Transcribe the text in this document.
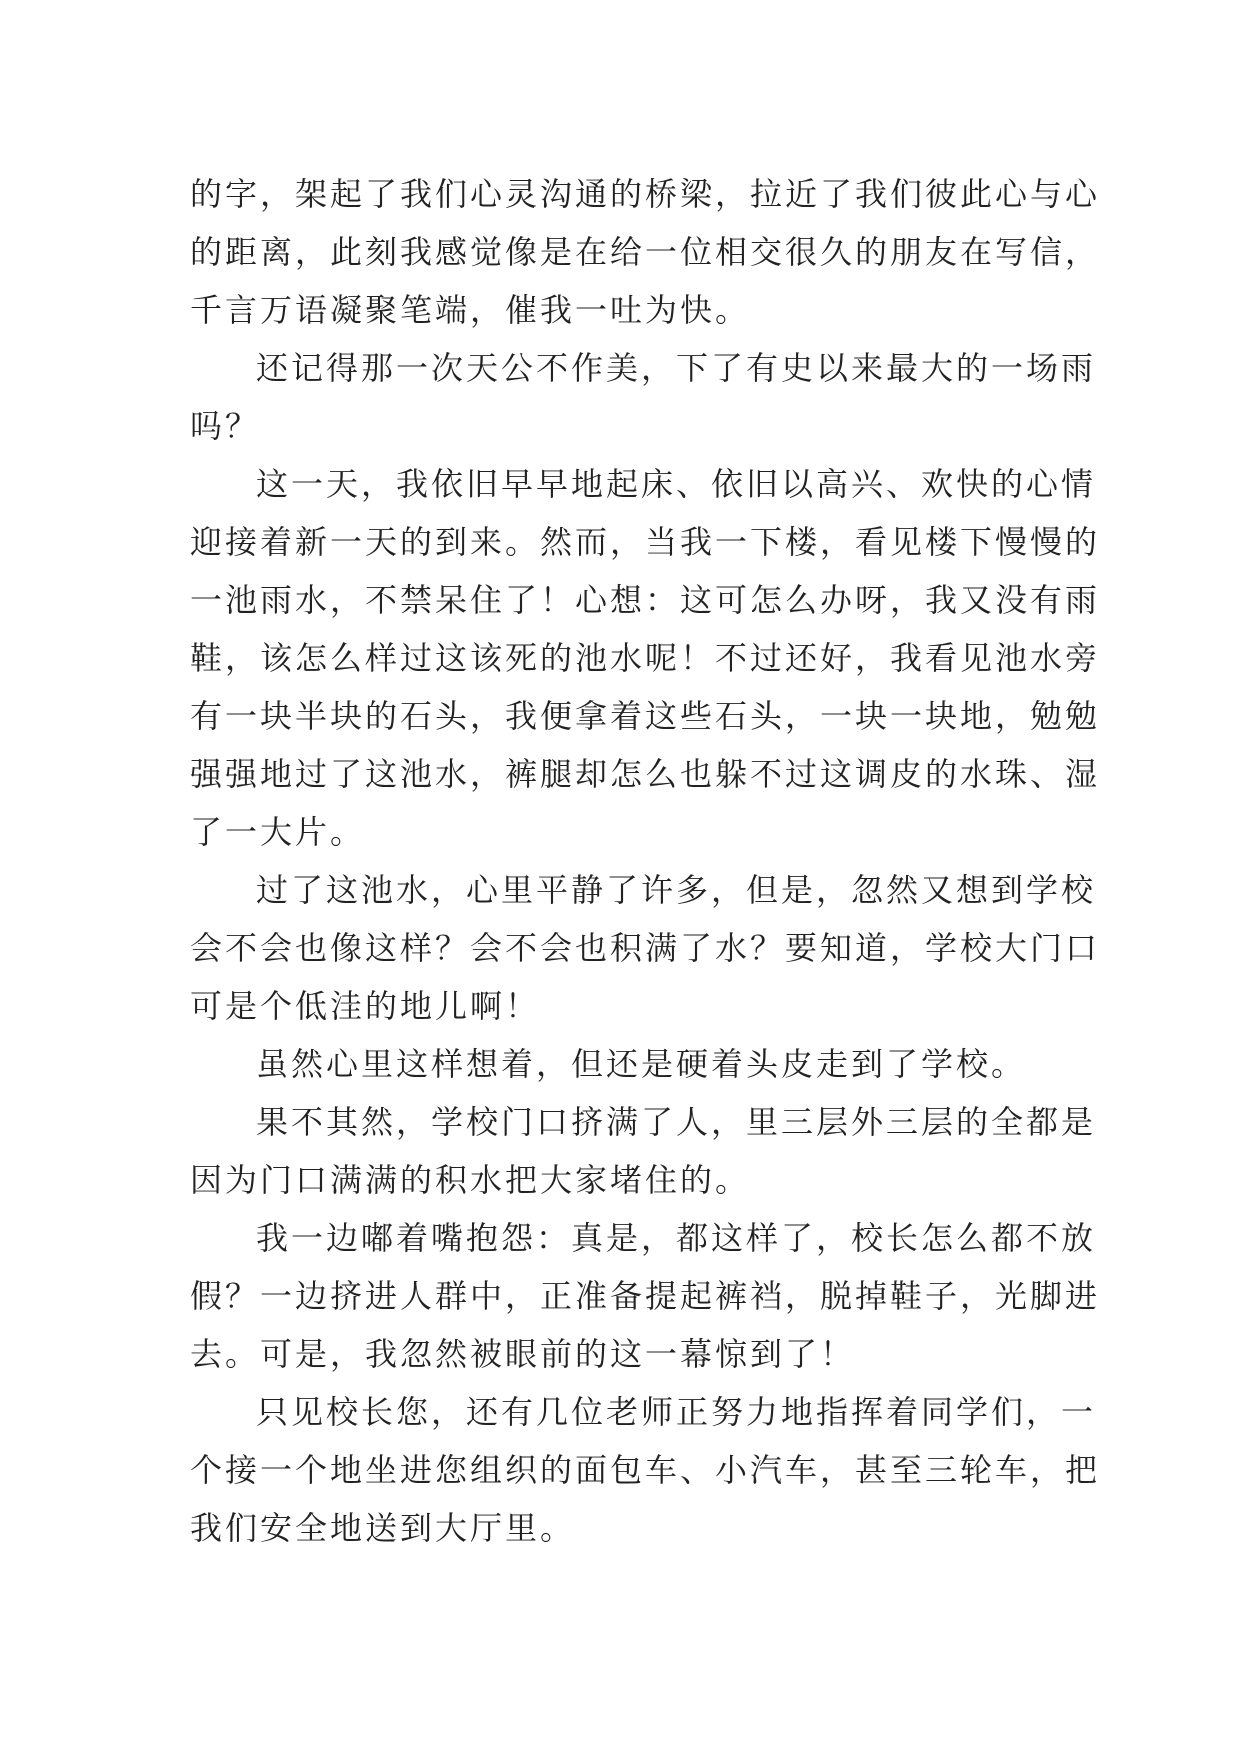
的字，架起了我们心灵沟通的桥梁，拉近了我们彼此心与心
的距离，此刻我感觉像是在给一位相交很久的朋友在写信，
千言万语凝聚笔端，催我一吐为快。
还记得那一次天公不作美，下了有史以来最大的一场雨
吗？
这一天，我依旧早早地起床、依旧以高兴、欢快的心情
迎接着新一天的到来。然而，当我一下楼，看见楼下慢慢的
一池雨水，不禁呆住了！心想：这可怎么办呀，我又没有雨
鞋，该怎么样过这该死的池水呢！不过还好，我看见池水旁
有一块半块的石头，我便拿着这些石头，一块一块地，勉勉
强强地过了这池水，裤腿却怎么也躲不过这调皮的水珠、湿
了一大片。
过了这池水，心里平静了许多，但是，忽然又想到学校
会不会也像这样？会不会也积满了水？要知道，学校大门口
可是个低洼的地儿啊！
虽然心里这样想着，但还是硬着头皮走到了学校。
果不其然，学校门口挤满了人，里三层外三层的全都是
因为门口满满的积水把大家堵住的。
我一边嘟着嘴抱怨：真是，都这样了，校长怎么都不放
假？一边挤进人群中，正准备提起裤裆，脱掉鞋子，光脚进
去。可是，我忽然被眼前的这一幕惊到了！
只见校长您，还有几位老师正努力地指挥着同学们，一
个接一个地坐进您组织的面包车、小汽车，甚至三轮车，把
我们安全地送到大厅里。
